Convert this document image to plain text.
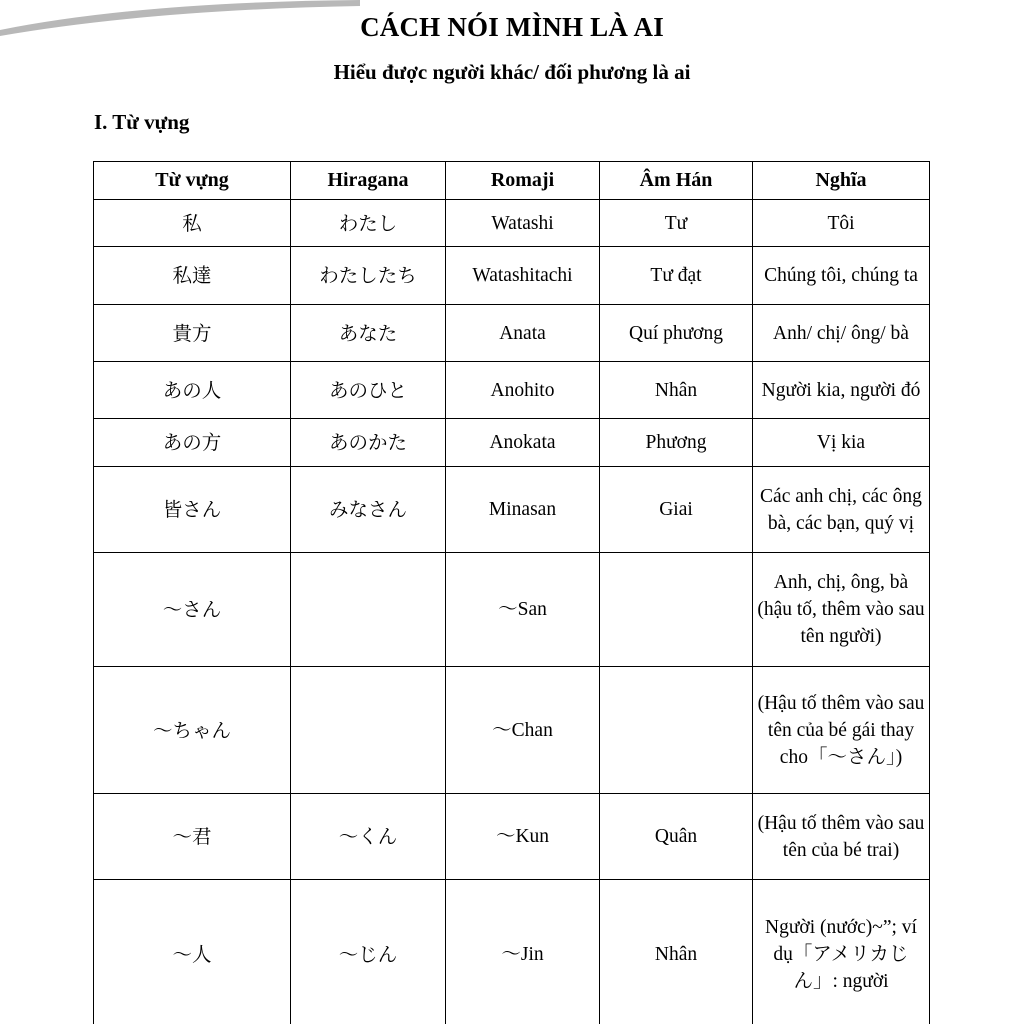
CÁCH NÓI MÌNH LÀ AI
Hiểu được người khác/ đối phương là ai
I. Từ vựng
Từ vựng	Hiragana	Romaji	Âm Hán	Nghĩa
私	わたし	Watashi	Tư	Tôi
私達	わたしたち	Watashitachi	Tư đạt	Chúng tôi, chúng ta
貴方	あなた	Anata	Quí phương	Anh/ chị/ ông/ bà
あの人	あのひと	Anohito	Nhân	Người kia, người đó
あの方	あのかた	Anokata	Phương	Vị kia
皆さん	みなさん	Minasan	Giai	Các anh chị, các ông bà, các bạn, quý vị
～さん		～San		Anh, chị, ông, bà (hậu tố, thêm vào sau tên người)
～ちゃん		～Chan		(Hậu tố thêm vào sau tên của bé gái thay cho「～さん」)
～君	～くん	～Kun	Quân	(Hậu tố thêm vào sau tên của bé trai)
～人	～じん	～Jin	Nhân	Người (nước)~”; ví dụ「アメリカじん」: người
